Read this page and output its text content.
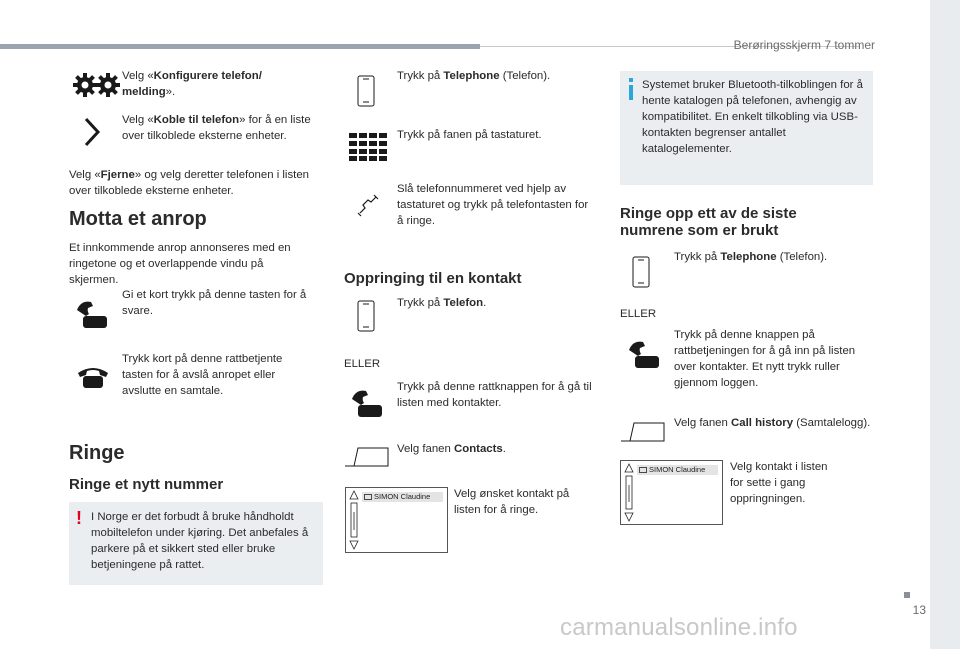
Berøringsskjerm 7 tommer
Velg «Konfigurere telefon/ melding».
Velg «Koble til telefon» for å en liste over tilkoblede eksterne enheter.
Velg «Fjerne» og velg deretter telefonen i listen over tilkoblede eksterne enheter.
Motta et anrop
Et innkommende anrop annonseres med en ringetone og et overlappende vindu på skjermen.
Gi et kort trykk på denne tasten for å svare.
Trykk kort på denne rattbetjente tasten for å avslå anropet eller avslutte en samtale.
Ringe
Ringe et nytt nummer
! I Norge er det forbudt å bruke håndholdt mobiltelefon under kjøring. Det anbefales å parkere på et sikkert sted eller bruke betjeningene på rattet.
Trykk på Telephone (Telefon).
Trykk på fanen på tastaturet.
Slå telefonnummeret ved hjelp av tastaturet og trykk på telefontasten for å ringe.
Oppringing til en kontakt
Trykk på Telefon.
ELLER
Trykk på denne rattknappen for å gå til listen med kontakter.
Velg fanen Contacts.
SIMON Claudine	Velg ønsket kontakt på listen for å ringe.
Systemet bruker Bluetooth-tilkoblingen for å hente katalogen på telefonen, avhengig av kompatibilitet. En enkelt tilkobling via USB-kontakten begrenser antallet katalogelementer.
Ringe opp ett av de siste numrene som er brukt
Trykk på Telephone (Telefon).
ELLER
Trykk på denne knappen på rattbetjeningen for å gå inn på listen over kontakter. Et nytt trykk ruller gjennom loggen.
Velg fanen Call history (Samtalelogg).
SIMON Claudine	Velg kontakt i listen for sette i gang oppringningen.
13
carmanualsonline.info
